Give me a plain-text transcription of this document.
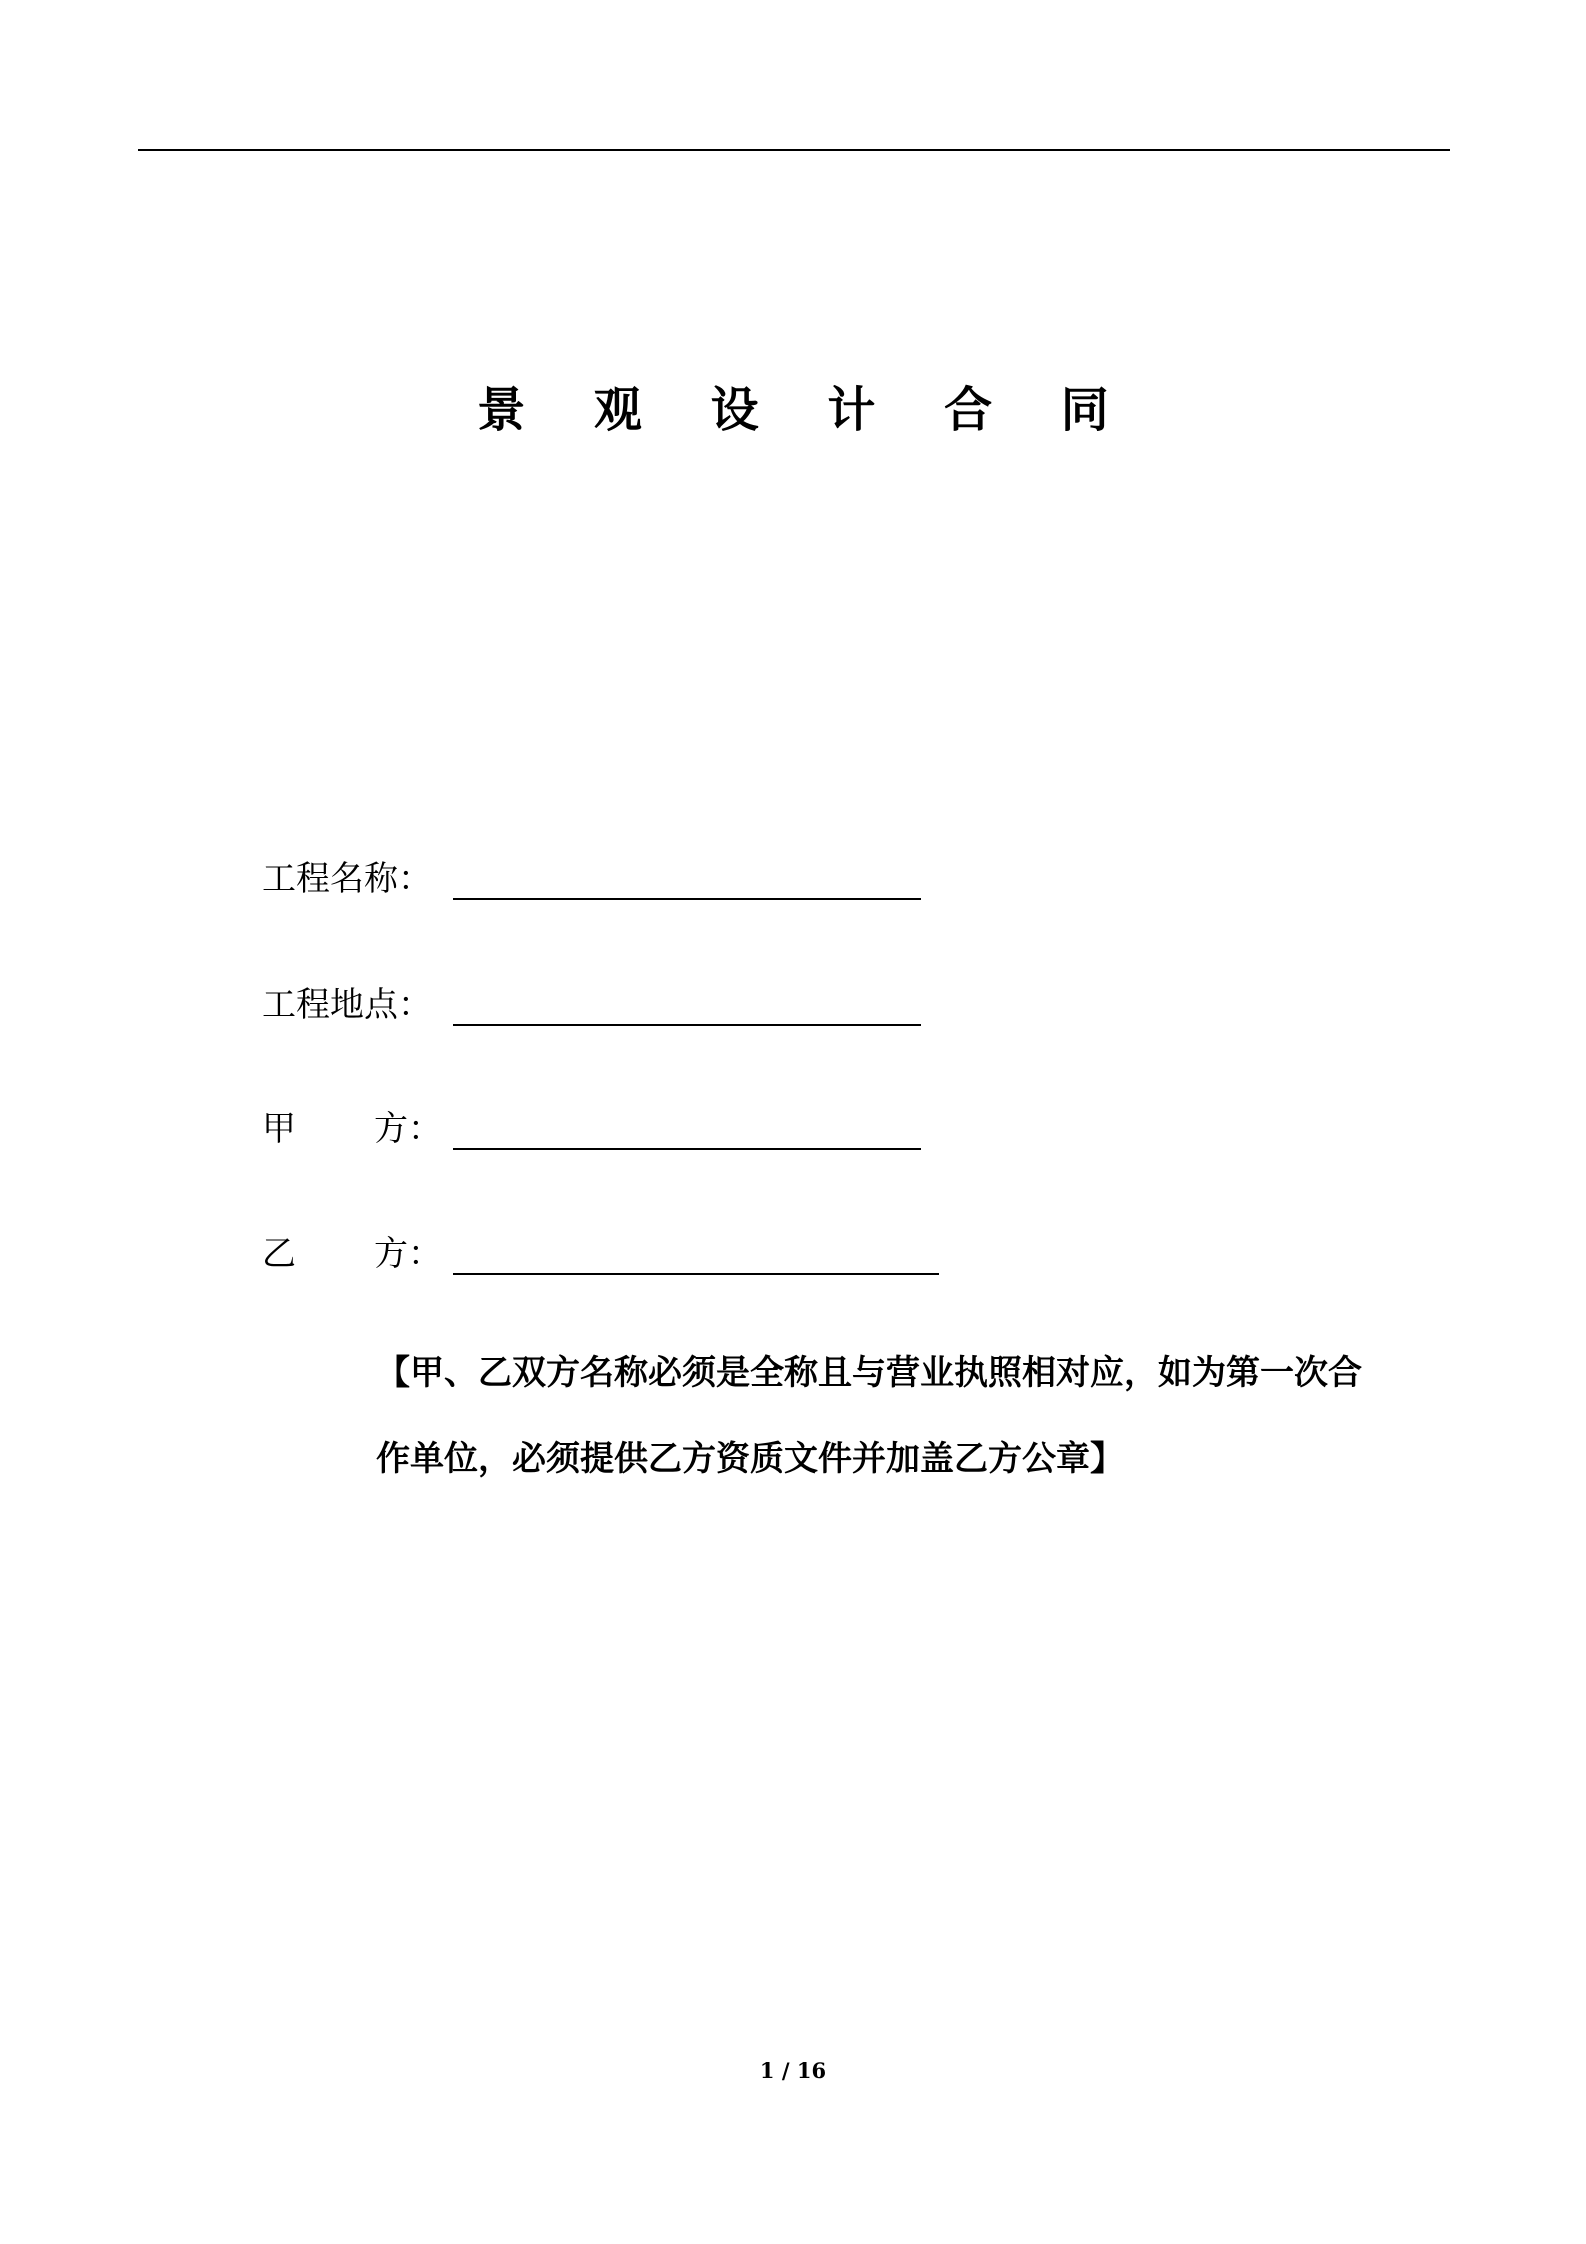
景 观 设 计 合 同
工程名称：
工程地点：
甲 方：
乙 方：
【甲、乙双方名称必须是全称且与营业执照相对应，如为第一次合
作单位，必须提供乙方资质文件并加盖乙方公章】
1 / 16
